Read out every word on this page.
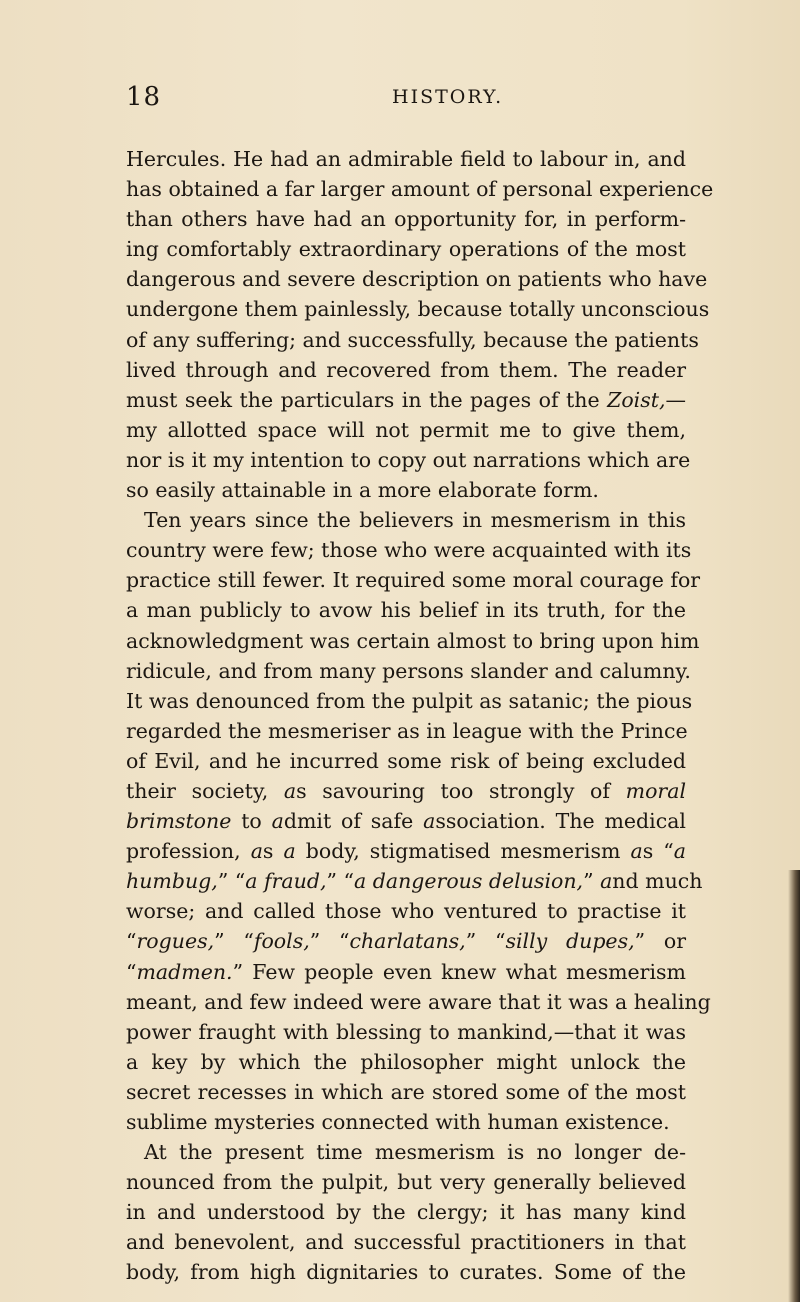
18	HISTORY.
Hercules. He had an admirable field to labour in, and
has obtained a far larger amount of personal experience
than others have had an opportunity for, in perform-
ing comfortably extraordinary operations of the most
dangerous and severe description on patients who have
undergone them painlessly, because totally unconscious
of any suffering; and successfully, because the patients
lived through and recovered from them. The reader
must seek the particulars in the pages of the Zoist,—
my allotted space will not permit me to give them,
nor is it my intention to copy out narrations which are
so easily attainable in a more elaborate form.
Ten years since the believers in mesmerism in this
country were few; those who were acquainted with its
practice still fewer. It required some moral courage for
a man publicly to avow his belief in its truth, for the
acknowledgment was certain almost to bring upon him
ridicule, and from many persons slander and calumny.
It was denounced from the pulpit as satanic; the pious
regarded the mesmeriser as in league with the Prince
of Evil, and he incurred some risk of being excluded
their society, as savouring too strongly of moral
brimstone to admit of safe association. The medical
profession, as a body, stigmatised mesmerism as “a
humbug,” “a fraud,” “a dangerous delusion,” and much
worse; and called those who ventured to practise it
“rogues,” “fools,” “charlatans,” “silly dupes,” or
“madmen.” Few people even knew what mesmerism
meant, and few indeed were aware that it was a healing
power fraught with blessing to mankind,—that it was
a key by which the philosopher might unlock the
secret recesses in which are stored some of the most
sublime mysteries connected with human existence.
At the present time mesmerism is no longer de-
nounced from the pulpit, but very generally believed
in and understood by the clergy; it has many kind
and benevolent, and successful practitioners in that
body, from high dignitaries to curates. Some of the
